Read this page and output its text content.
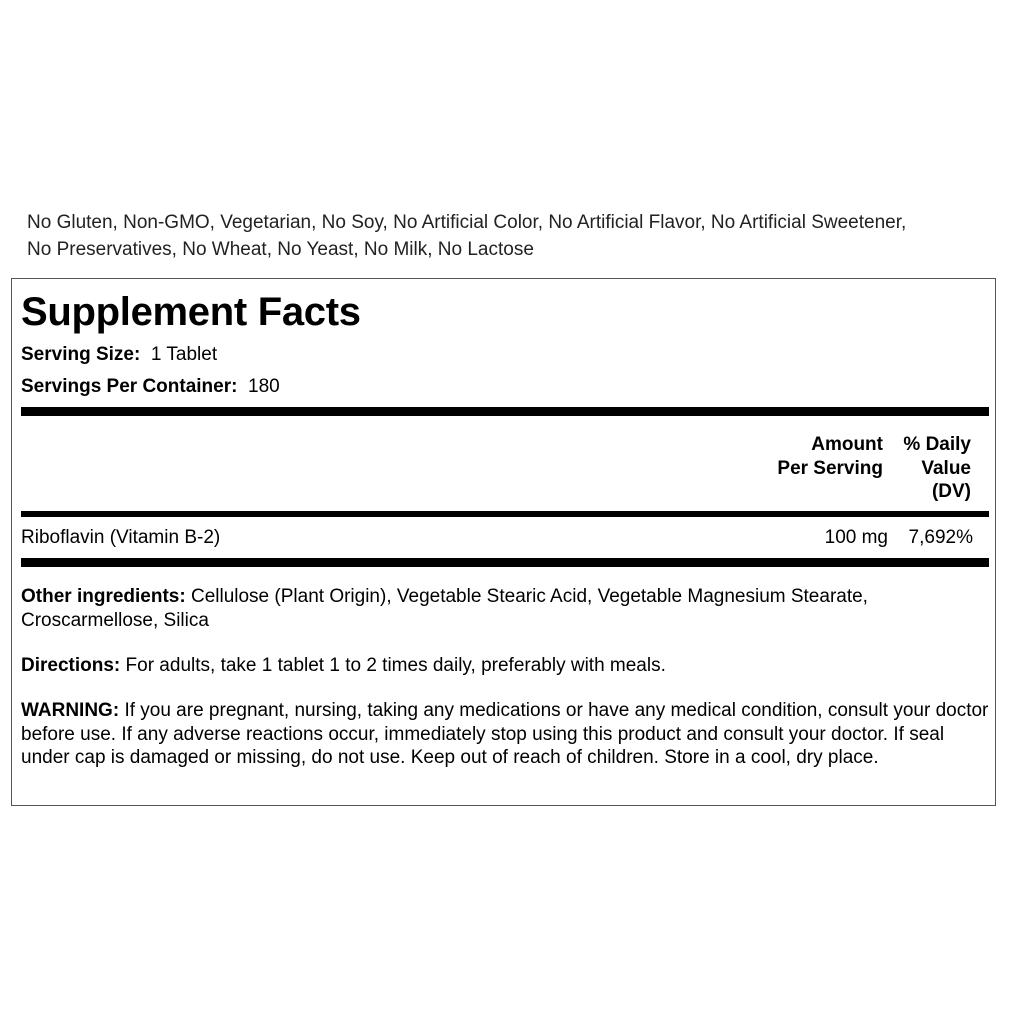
No Gluten, Non-GMO, Vegetarian, No Soy, No Artificial Color, No Artificial Flavor, No Artificial Sweetener,
No Preservatives, No Wheat, No Yeast, No Milk, No Lactose
Supplement Facts
Serving Size: 1 Tablet
Servings Per Container: 180
Amount
Per Serving
% Daily
Value
(DV)
Riboflavin (Vitamin B-2)	100 mg 7,692%
Other ingredients: Cellulose (Plant Origin), Vegetable Stearic Acid, Vegetable Magnesium Stearate, Croscarmellose, Silica
Directions: For adults, take 1 tablet 1 to 2 times daily, preferably with meals.
WARNING: If you are pregnant, nursing, taking any medications or have any medical condition, consult your doctor before use. If any adverse reactions occur, immediately stop using this product and consult your doctor. If seal under cap is damaged or missing, do not use. Keep out of reach of children. Store in a cool, dry place.
